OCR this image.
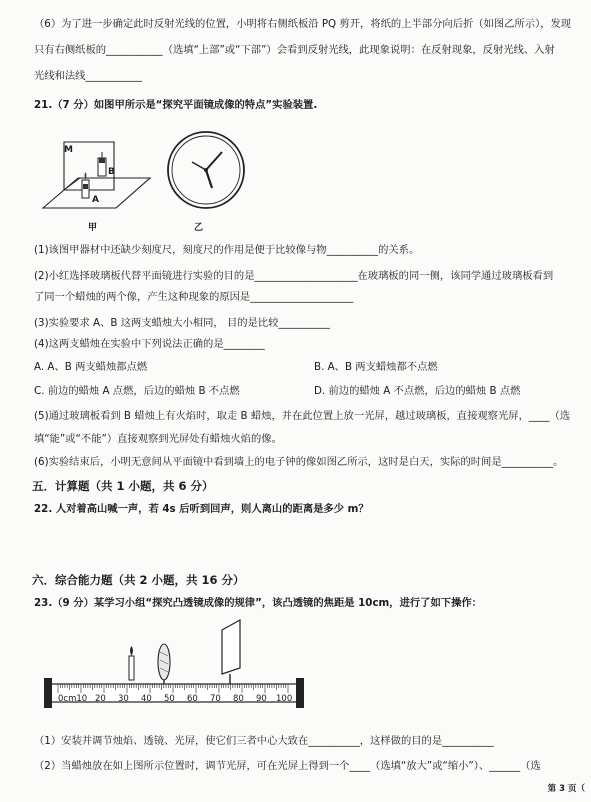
（6）为了进一步确定此时反射光线的位置，小明将右侧纸板沿 PQ 剪开，将纸的上半部分向后折（如图乙所示），发现
只有右侧纸板的___________（选填“上部”或“下部”）会看到反射光线，此现象说明：在反射现象，反射光线、入射
光线和法线___________
21.（7 分）如图甲所示是“探究平面镜成像的特点”实验装置.
M
B
A
甲	乙
(1)该图甲器材中还缺少刻度尺，刻度尺的作用是便于比较像与物__________的关系。
(2)小红选择玻璃板代替平面镜进行实验的目的是____________________在玻璃板的同一侧，该同学通过玻璃板看到
了同一个蜡烛的两个像，产生这种现象的原因是____________________
(3)实验要求 A、B 这两支蜡烛大小相同， 目的是比较__________
(4)这两支蜡烛在实验中下列说法正确的是________
A. A、B 两支蜡烛都点燃	B. A、B 两支蜡烛都不点燃
C. 前边的蜡烛 A 点燃，后边的蜡烛 B 不点燃	D. 前边的蜡烛 A 不点燃，后边的蜡烛 B 点燃
(5)通过玻璃板看到 B 蜡烛上有火焰时，取走 B 蜡烛，并在此位置上放一光屏，越过玻璃板，直接观察光屏，____（选
填“能”或“不能”）直接观察到光屏处有蜡烛火焰的像。
(6)实验结束后，小明无意间从平面镜中看到墙上的电子钟的像如图乙所示，这时是白天，实际的时间是__________。
五．计算题（共 1 小题，共 6 分）
22. 人对着高山喊一声，若 4s 后听到回声，则人离山的距离是多少 m？
六．综合能力题（共 2 小题，共 16 分）
23.（9 分）某学习小组“探究凸透镜成像的规律”，该凸透镜的焦距是 10cm，进行了如下操作：
0cm10 20 30 40 50 60 70 80 90 100
（1）安装并调节烛焰、透镜、光屏，使它们三者中心大致在__________，这样做的目的是__________
（2）当蜡烛放在如上图所示位置时，调节光屏，可在光屏上得到一个____（选填“放大”或“缩小”）、______（选
第 3 页（
